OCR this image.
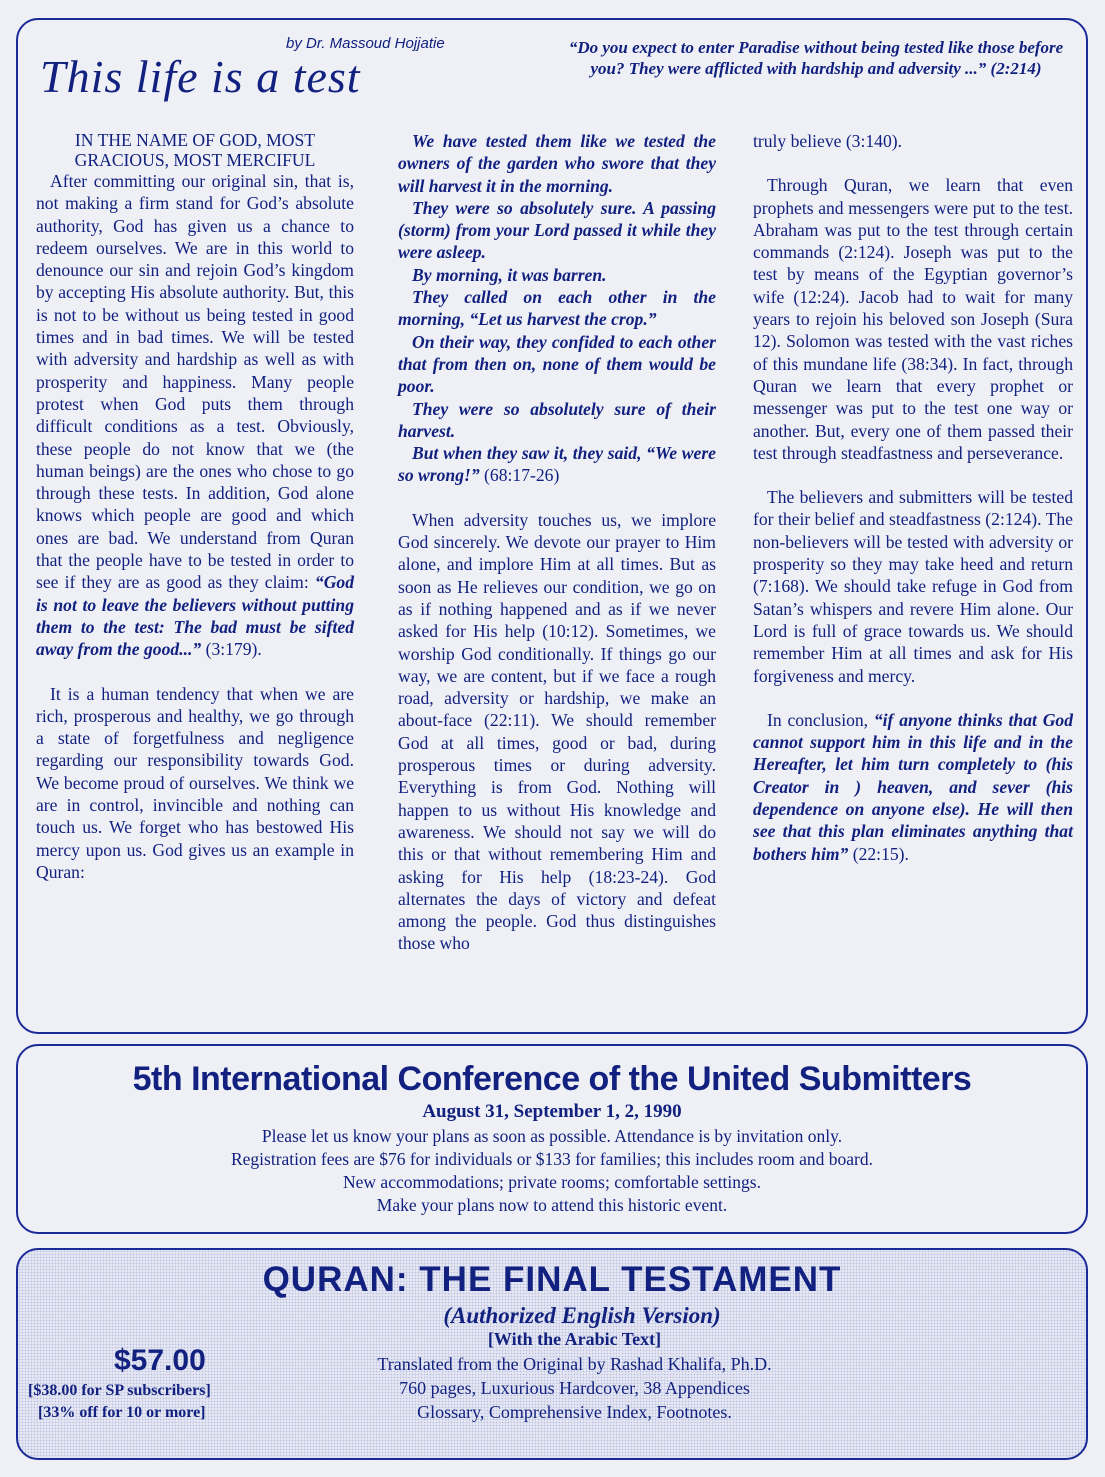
by Dr. Massoud Hojjatie
This life is a test
“Do you expect to enter Paradise without being tested like those before you? They were afflicted with hardship and adversity ...” (2:214)

IN THE NAME OF GOD, MOST GRACIOUS, MOST MERCIFUL

After committing our original sin, that is, not making a firm stand for God’s absolute authority, God has given us a chance to redeem ourselves. We are in this world to denounce our sin and rejoin God’s kingdom by accepting His absolute authority. But, this is not to be without us being tested in good times and in bad times. We will be tested with adversity and hardship as well as with prosperity and happiness. Many people protest when God puts them through difficult conditions as a test. Obviously, these people do not know that we (the human beings) are the ones who chose to go through these tests. In addition, God alone knows which people are good and which ones are bad. We understand from Quran that the people have to be tested in order to see if they are as good as they claim: “God is not to leave the believers without putting them to the test: The bad must be sifted away from the good...” (3:179).

It is a human tendency that when we are rich, prosperous and healthy, we go through a state of forgetfulness and negligence regarding our responsibility towards God. We become proud of ourselves. We think we are in control, invincible and nothing can touch us. We forget who has bestowed His mercy upon us. God gives us an example in Quran:

We have tested them like we tested the owners of the garden who swore that they will harvest it in the morning.

They were so absolutely sure. A passing (storm) from your Lord passed it while they were asleep.

By morning, it was barren.

They called on each other in the morning, “Let us harvest the crop.”

On their way, they confided to each other that from then on, none of them would be poor.

They were so absolutely sure of their harvest.

But when they saw it, they said, “We were so wrong!” (68:17-26)

When adversity touches us, we implore God sincerely. We devote our prayer to Him alone, and implore Him at all times. But as soon as He relieves our condition, we go on as if nothing happened and as if we never asked for His help (10:12). Sometimes, we worship God conditionally. If things go our way, we are content, but if we face a rough road, adversity or hardship, we make an about-face (22:11). We should remember God at all times, good or bad, during prosperous times or during adversity. Everything is from God. Nothing will happen to us without His knowledge and awareness. We should not say we will do this or that without remembering Him and asking for His help (18:23-24). God alternates the days of victory and defeat among the people. God thus distinguishes those who

truly believe (3:140).

Through Quran, we learn that even prophets and messengers were put to the test. Abraham was put to the test through certain commands (2:124). Joseph was put to the test by means of the Egyptian governor’s wife (12:24). Jacob had to wait for many years to rejoin his beloved son Joseph (Sura 12). Solomon was tested with the vast riches of this mundane life (38:34). In fact, through Quran we learn that every prophet or messenger was put to the test one way or another. But, every one of them passed their test through steadfastness and perseverance.

The believers and submitters will be tested for their belief and steadfastness (2:124). The non-believers will be tested with adversity or prosperity so they may take heed and return (7:168). We should take refuge in God from Satan’s whispers and revere Him alone. Our Lord is full of grace towards us. We should remember Him at all times and ask for His forgiveness and mercy.

In conclusion, “if anyone thinks that God cannot support him in this life and in the Hereafter, let him turn completely to (his Creator in ) heaven, and sever (his dependence on anyone else). He will then see that this plan eliminates anything that bothers him” (22:15).

5th International Conference of the United Submitters
August 31, September 1, 2, 1990
Please let us know your plans as soon as possible. Attendance is by invitation only.
Registration fees are $76 for individuals or $133 for families; this includes room and board.
New accommodations; private rooms; comfortable settings.
Make your plans now to attend this historic event.
QURAN: THE FINAL TESTAMENT
(Authorized English Version)
[With the Arabic Text]
Translated from the Original by Rashad Khalifa, Ph.D.
760 pages, Luxurious Hardcover, 38 Appendices
Glossary, Comprehensive Index, Footnotes.
$57.00
[$38.00 for SP subscribers]
[33% off for 10 or more]
